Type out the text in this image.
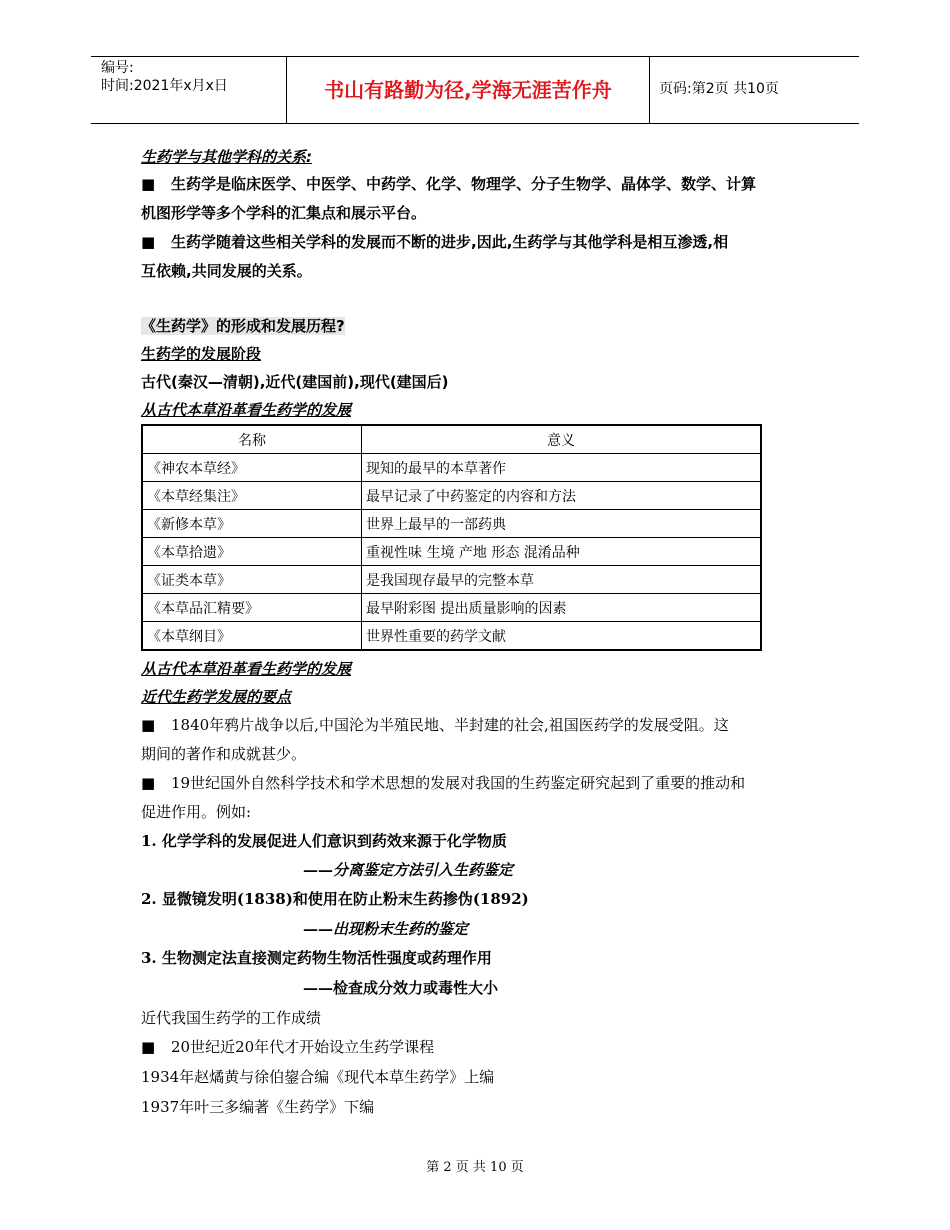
编号:
时间:2021年x月x日	书山有路勤为径,学海无涯苦作舟	页码:第2页 共10页
生药学与其他学科的关系:
■ 生药学是临床医学、中医学、中药学、化学、物理学、分子生物学、晶体学、数学、计算
机图形学等多个学科的汇集点和展示平台。
■ 生药学随着这些相关学科的发展而不断的进步,因此,生药学与其他学科是相互渗透,相
互依赖,共同发展的关系。
《生药学》的形成和发展历程?
生药学的发展阶段
古代(秦汉—清朝),近代(建国前),现代(建国后)
从古代本草沿革看生药学的发展
名称	意义
《神农本草经》	现知的最早的本草著作
《本草经集注》	最早记录了中药鉴定的内容和方法
《新修本草》	世界上最早的一部药典
《本草拾遗》	重视性味 生境 产地 形态 混淆品种
《证类本草》	是我国现存最早的完整本草
《本草品汇精要》	最早附彩图 提出质量影响的因素
《本草纲目》	世界性重要的药学文献
从古代本草沿革看生药学的发展
近代生药学发展的要点
■ 1840年鸦片战争以后,中国沦为半殖民地、半封建的社会,祖国医药学的发展受阻。这
期间的著作和成就甚少。
■ 19世纪国外自然科学技术和学术思想的发展对我国的生药鉴定研究起到了重要的推动和
促进作用。例如:
1. 化学学科的发展促进人们意识到药效来源于化学物质
——分离鉴定方法引入生药鉴定
2. 显微镜发明(1838)和使用在防止粉末生药掺伪(1892)
——出现粉末生药的鉴定
3. 生物测定法直接测定药物生物活性强度或药理作用
——检查成分效力或毒性大小
近代我国生药学的工作成绩
■ 20世纪近20年代才开始设立生药学课程
1934年赵燏黄与徐伯鋆合编《现代本草生药学》上编
1937年叶三多编著《生药学》下编
第 2 页 共 10 页
